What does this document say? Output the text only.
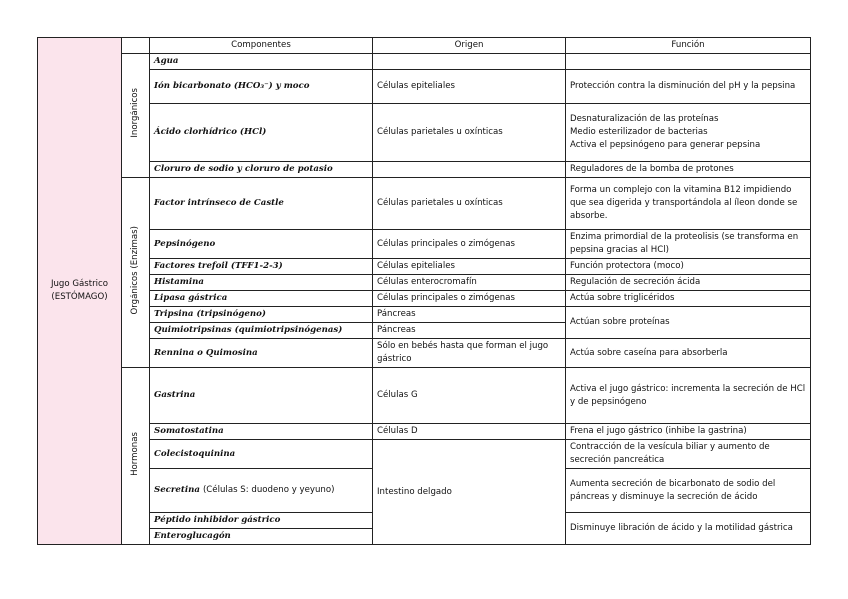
Jugo Gástrico
(ESTÓMAGO)		Componentes	Origen	Función
	Inorgánicos	Agua		
		Ión bicarbonato (HCO₃⁻) y moco	Células epiteliales	Protección contra la disminución del pH y la pepsina
		Ácido clorhídrico (HCl)	Células parietales u oxínticas	Desnaturalización de las proteínas
Medio esterilizador de bacterias
Activa el pepsinógeno para generar pepsina

		Cloruro de sodio y cloruro de potasio		Reguladores de la bomba de protones
	Orgánicos (Enzimas)	Factor intrínseco de Castle	Células parietales u oxínticas	Forma un complejo con la vitamina B12 impidiendo que sea digerida y transportándola al íleon donde se absorbe.
		Pepsinógeno	Células principales o zimógenas	Enzima primordial de la proteolisis (se transforma en pepsina gracias al HCl)
		Factores trefoil (TFF1-2-3)	Células epiteliales	Función protectora (moco)
		Histamina	Células enterocromafín	Regulación de secreción ácida
		Lipasa gástrica	Células principales o zimógenas	Actúa sobre triglicéridos
		Tripsina (tripsinógeno)	Páncreas	Actúan sobre proteínas
		Quimiotripsinas (quimiotripsinógenas)	Páncreas	
		Rennina o Quimosina	Sólo en bebés hasta que forman el jugo gástrico	Actúa sobre caseína para absorberla

	Hormonas	Gastrina	Células G	Activa el jugo gástrico: incrementa la secreción de HCl y de pepsinógeno
		Somatostatina	Células D	Frena el jugo gástrico (inhibe la gastrina)
		Colecistoquinina	Intestino delgado	Contracción de la vesícula biliar y aumento de secreción pancreática
		Secretina (Células S: duodeno y yeyuno)		Aumenta secreción de bicarbonato de sodio del páncreas y disminuye la secreción de ácido
		Péptido inhibidor gástrico		Disminuye libración de ácido y la motilidad gástrica
		Enteroglucagón		
